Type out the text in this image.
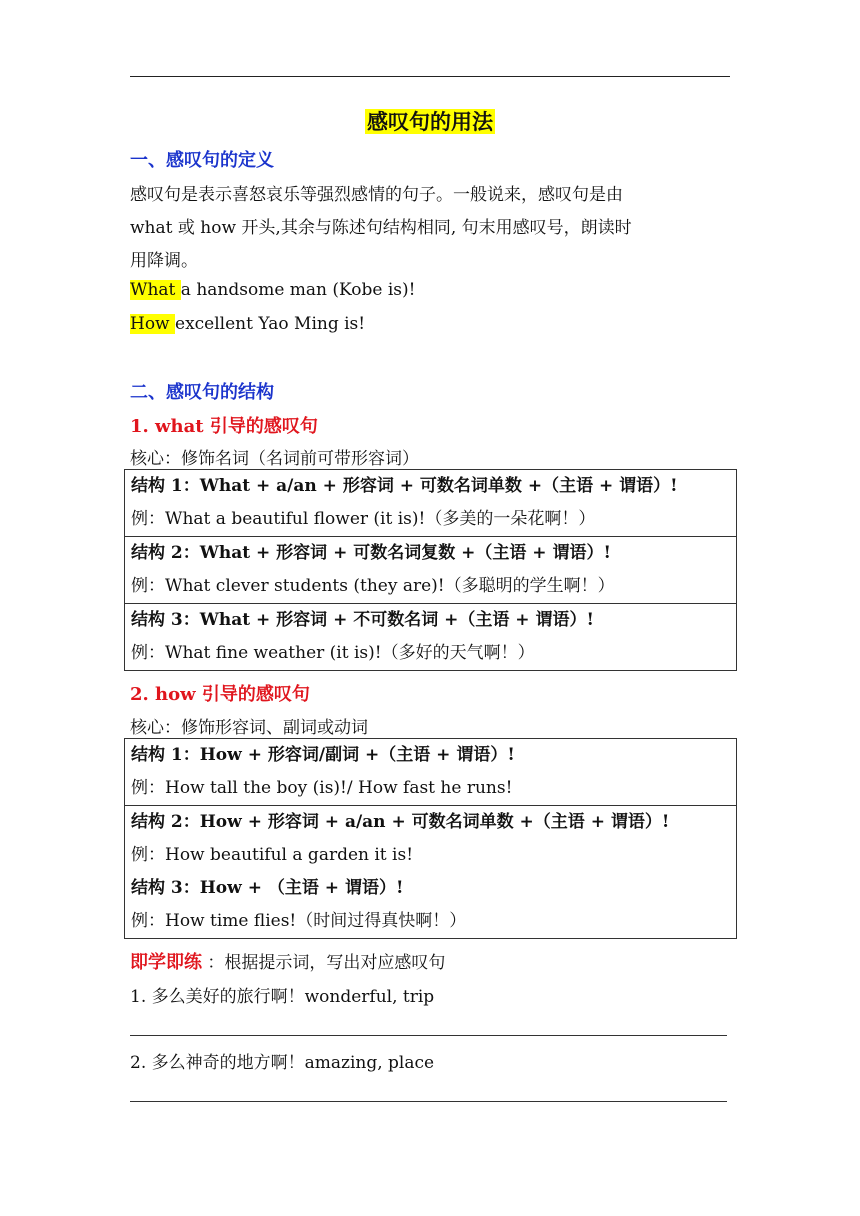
感叹句的用法
一、感叹句的定义
感叹句是表示喜怒哀乐等强烈感情的句子。一般说来，感叹句是由
what 或 how 开头,其余与陈述句结构相同, 句末用感叹号，朗读时
用降调。
What a handsome man (Kobe is)!
How excellent Yao Ming is!
二、感叹句的结构
1. what 引导的感叹句
核心：修饰名词（名词前可带形容词）
结构 1：What + a/an + 形容词 + 可数名词单数 +（主语 + 谓语）!
例：What a beautiful flower (it is)!（多美的一朵花啊！）
结构 2：What + 形容词 + 可数名词复数 +（主语 + 谓语）!
例：What clever students (they are)!（多聪明的学生啊！）
结构 3：What + 形容词 + 不可数名词 +（主语 + 谓语）!
例：What fine weather (it is)!（多好的天气啊！）
2. how 引导的感叹句
核心：修饰形容词、副词或动词
结构 1：How + 形容词/副词 +（主语 + 谓语）!
例：How tall the boy (is)!/ How fast he runs!
结构 2：How + 形容词 + a/an + 可数名词单数 +（主语 + 谓语）!
例：How beautiful a garden it is!
结构 3：How + （主语 + 谓语）!
例：How time flies!（时间过得真快啊！）
即学即练 ：根据提示词，写出对应感叹句
1. 多么美好的旅行啊！wonderful, trip
2. 多么神奇的地方啊！amazing, place
